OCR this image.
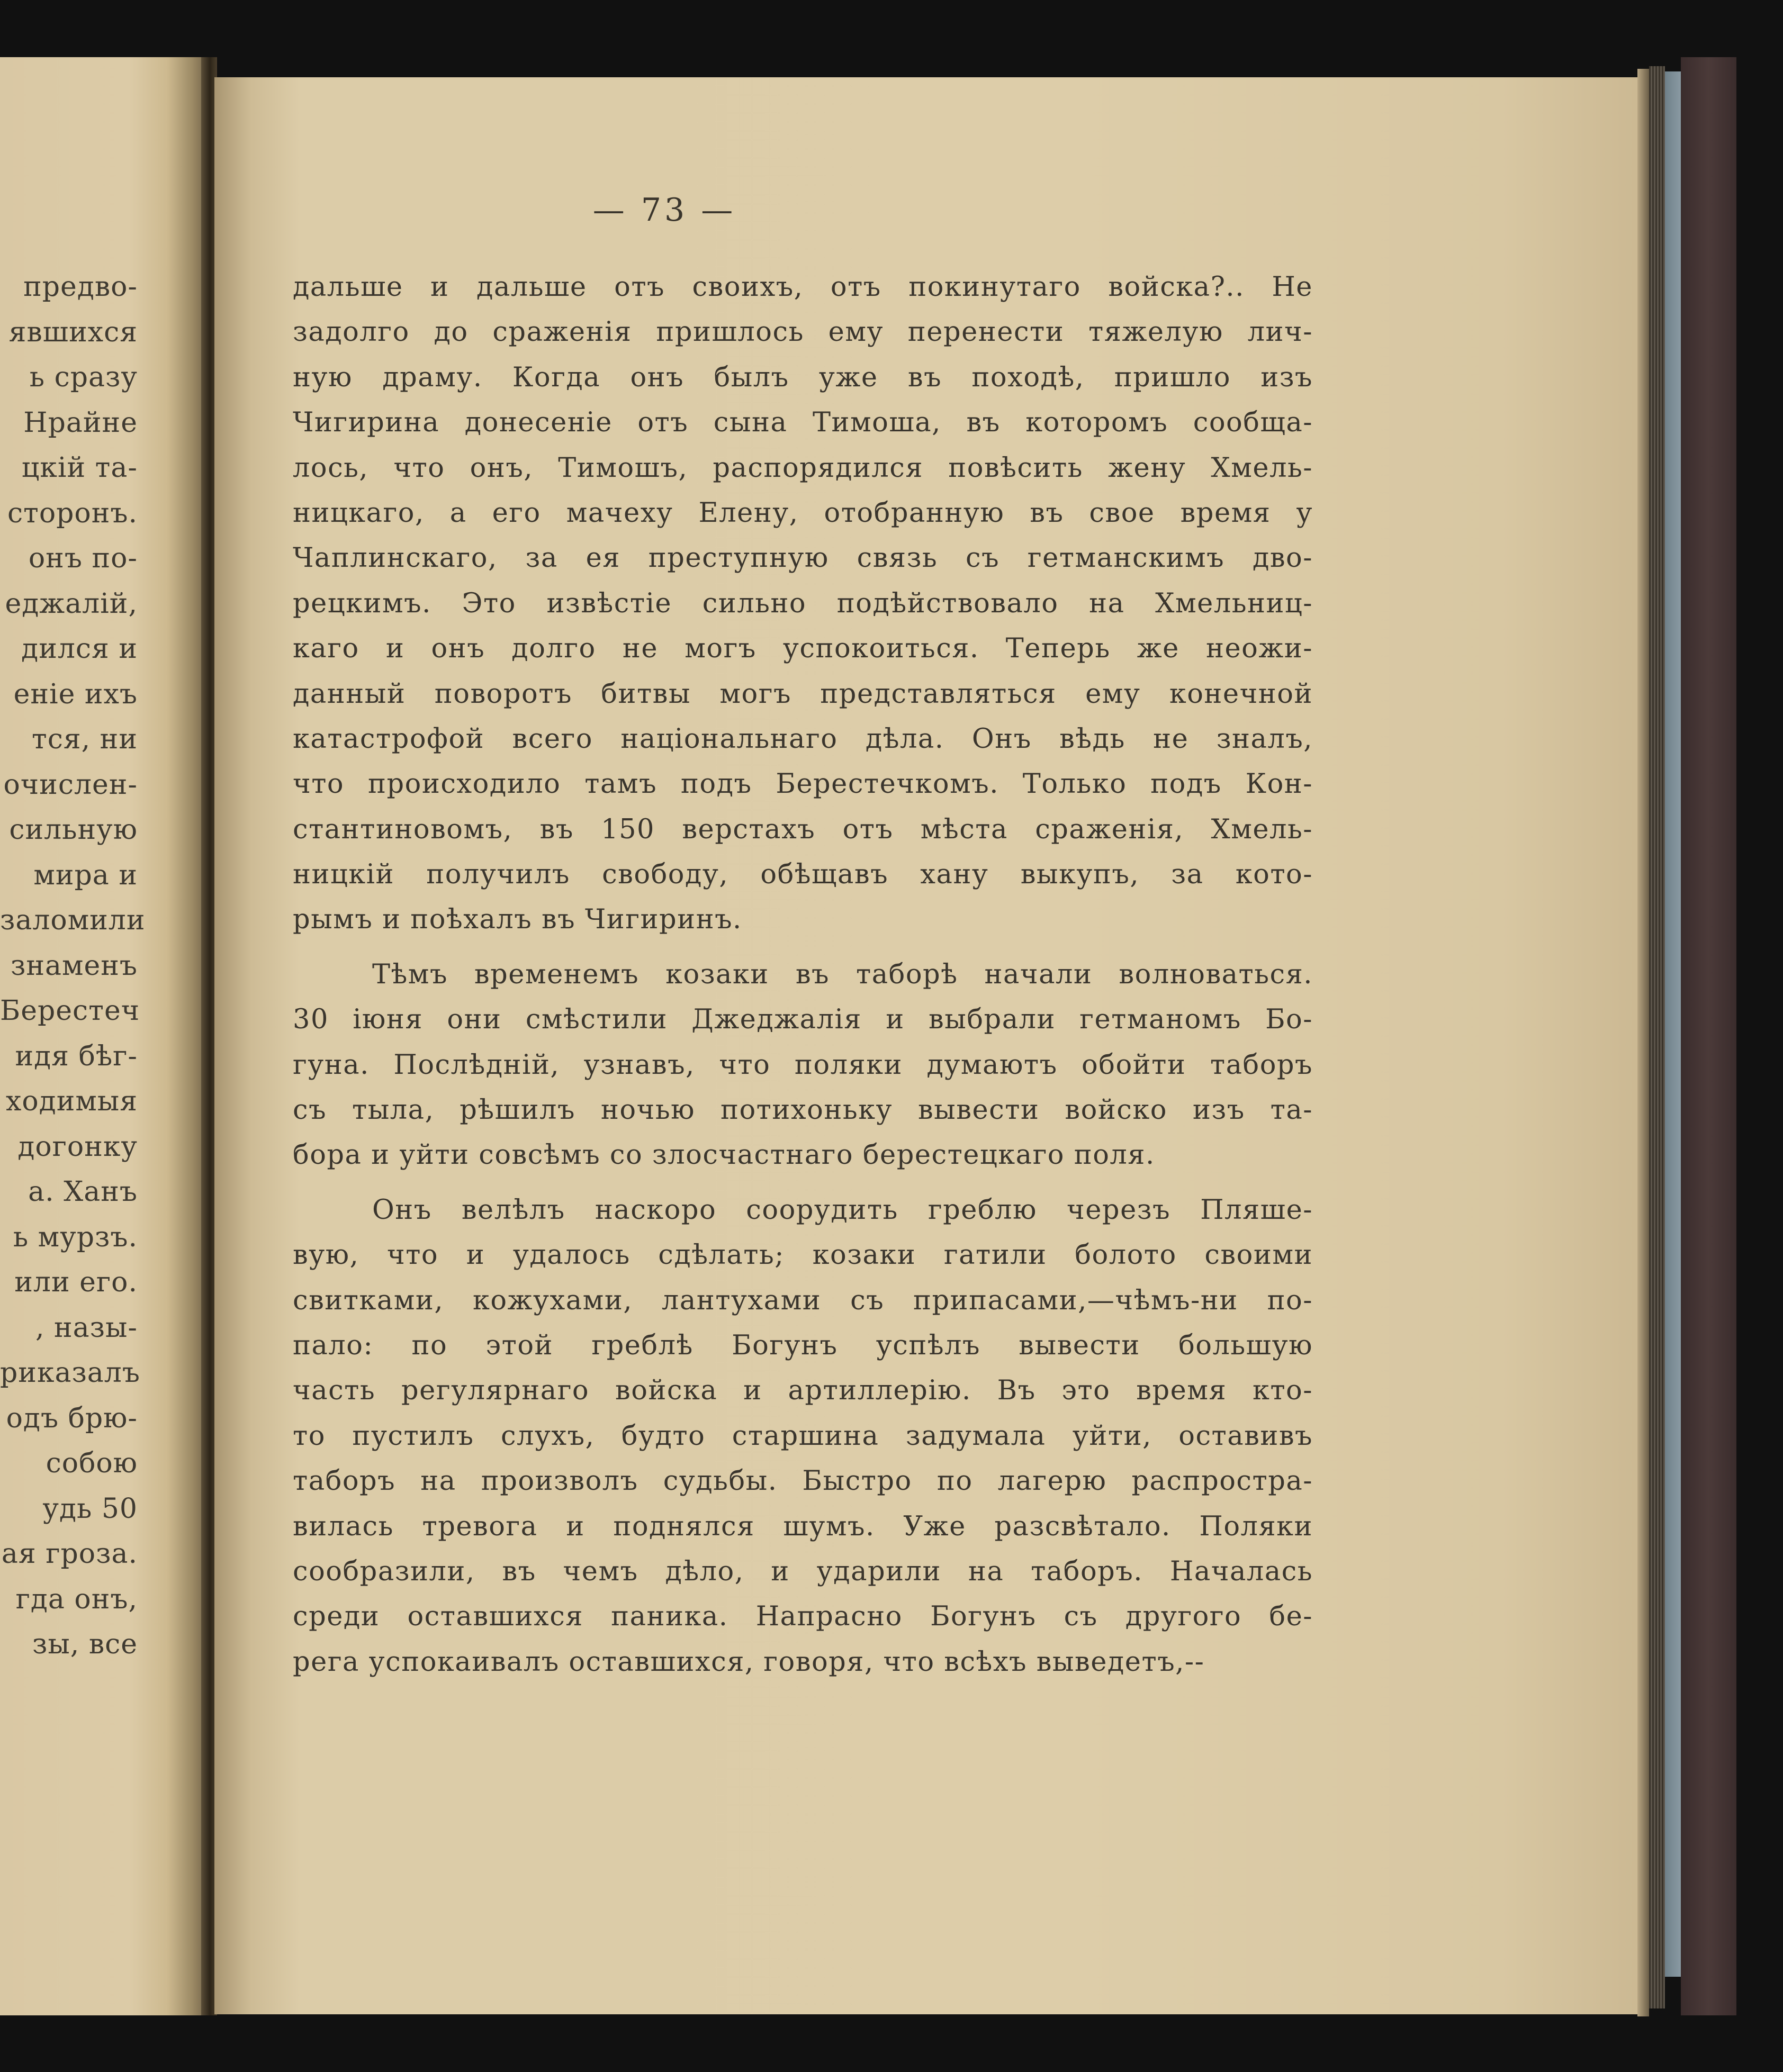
предво-
явшихся
ь сразу
Нрайне
цкій та-
сторонъ.
онъ по-
еджалій,
дился и
еніе ихъ
тся, ни
очислен-
сильную
мира и
заломили
знаменъ
Берестеч
идя бѣг-
ходимыя
догонку
а. Ханъ
ь мурзъ.
или его.
, назы-
риказалъ
одъ брю-
собою
удь 50
ая гроза.
гда онъ,
зы, все
— 73 —
дальше и дальше отъ своихъ, отъ покинутаго войска?.. Не
задолго до сраженія пришлось ему перенести тяжелую лич-
ную драму. Когда онъ былъ уже въ походѣ, пришло изъ
Чигирина донесеніе отъ сына Тимоша, въ которомъ сообща-
лось, что онъ, Тимошъ, распорядился повѣсить жену Хмель-
ницкаго, а его мачеху Елену, отобранную въ свое время у
Чаплинскаго, за ея преступную связь съ гетманскимъ дво-
рецкимъ. Это извѣстіе сильно подѣйствовало на Хмельниц-
каго и онъ долго не могъ успокоиться. Теперь же неожи-
данный поворотъ битвы могъ представляться ему конечной
катастрофой всего національнаго дѣла. Онъ вѣдь не зналъ,
что происходило тамъ подъ Берестечкомъ. Только подъ Кон-
стантиновомъ, въ 150 верстахъ отъ мѣста сраженія, Хмель-
ницкій получилъ свободу, обѣщавъ хану выкупъ, за кото-
рымъ и поѣхалъ въ Чигиринъ.
Тѣмъ временемъ козаки въ таборѣ начали волноваться.
30 іюня они смѣстили Джеджалія и выбрали гетманомъ Бо-
гуна. Послѣдній, узнавъ, что поляки думаютъ обойти таборъ
съ тыла, рѣшилъ ночью потихоньку вывести войско изъ та-
бора и уйти совсѣмъ со злосчастнаго берестецкаго поля.
Онъ велѣлъ наскоро соорудить греблю черезъ Пляше-
вую, что и удалось сдѣлать; козаки гатили болото своими
свитками, кожухами, лантухами съ припасами,—чѣмъ-ни по-
пало: по этой греблѣ Богунъ успѣлъ вывести большую
часть регулярнаго войска и артиллерію. Въ это время кто-
то пустилъ слухъ, будто старшина задумала уйти, оставивъ
таборъ на произволъ судьбы. Быстро по лагерю распростра-
вилась тревога и поднялся шумъ. Уже разсвѣтало. Поляки
сообразили, въ чемъ дѣло, и ударили на таборъ. Началась
среди оставшихся паника. Напрасно Богунъ съ другого бе-
рега успокаивалъ оставшихся, говоря, что всѣхъ выведетъ,--
